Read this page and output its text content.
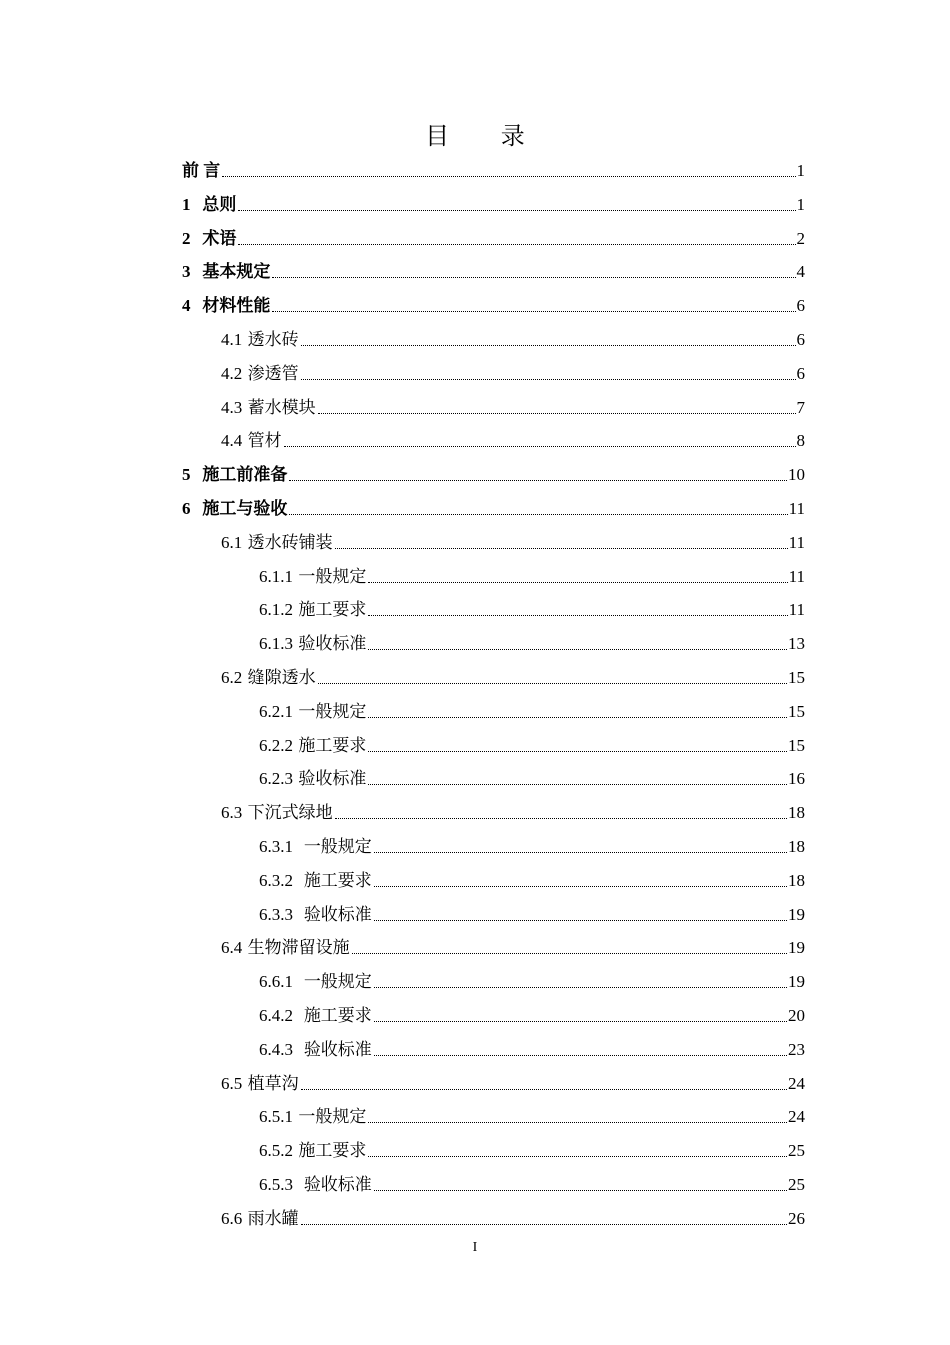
目 录
前 言	1
1 总则	1
2 术语	2
3 基本规定	4
4 材料性能	6
4.1 透水砖	6
4.2 渗透管	6
4.3 蓄水模块	7
4.4 管材	8
5 施工前准备	10
6 施工与验收	11
6.1 透水砖铺装	11
6.1.1 一般规定	11
6.1.2 施工要求	11
6.1.3 验收标准	13
6.2 缝隙透水	15
6.2.1 一般规定	15
6.2.2 施工要求	15
6.2.3 验收标准	16
6.3 下沉式绿地	18
6.3.1 一般规定	18
6.3.2 施工要求	18
6.3.3 验收标准	19
6.4 生物滞留设施	19
6.6.1 一般规定	19
6.4.2 施工要求	20
6.4.3 验收标准	23
6.5 植草沟	24
6.5.1 一般规定	24
6.5.2 施工要求	25
6.5.3 验收标准	25
6.6 雨水罐	26
I
